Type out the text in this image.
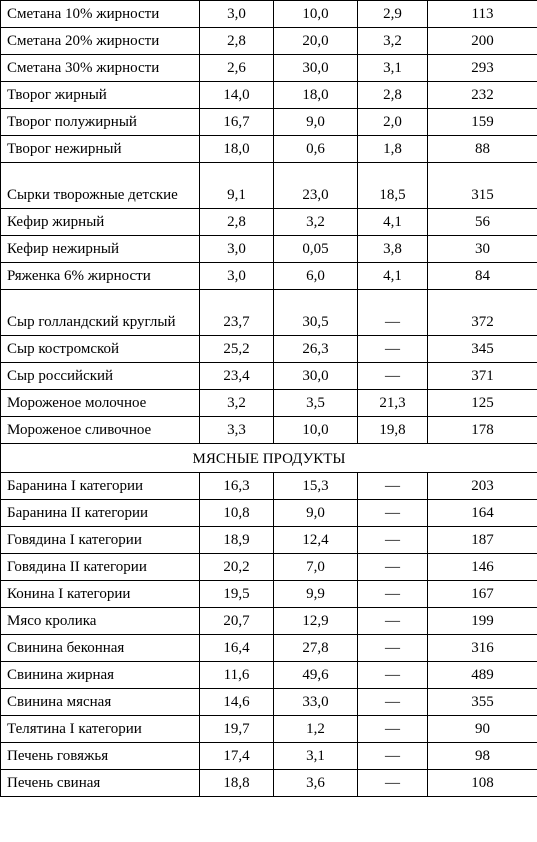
Сметана 10% жирности	3,0	10,0	2,9	113
Сметана 20% жирности	2,8	20,0	3,2	200
Сметана 30% жирности	2,6	30,0	3,1	293
Творог жирный	14,0	18,0	2,8	232
Творог полужирный	16,7	9,0	2,0	159
Творог нежирный	18,0	0,6	1,8	88
Сырки творожные детские	9,1	23,0	18,5	315
Кефир жирный	2,8	3,2	4,1	56
Кефир нежирный	3,0	0,05	3,8	30
Ряженка 6% жирности	3,0	6,0	4,1	84
Сыр голландский круглый	23,7	30,5	—	372
Сыр костромской	25,2	26,3	—	345
Сыр российский	23,4	30,0	—	371
Мороженое молочное	3,2	3,5	21,3	125
Мороженое сливочное	3,3	10,0	19,8	178
МЯСНЫЕ ПРОДУКТЫ				
Баранина I категории	16,3	15,3	—	203
Баранина II категории	10,8	9,0	—	164
Говядина I категории	18,9	12,4	—	187
Говядина II категории	20,2	7,0	—	146
Конина I категории	19,5	9,9	—	167
Мясо кролика	20,7	12,9	—	199
Свинина беконная	16,4	27,8	—	316
Свинина жирная	11,6	49,6	—	489
Свинина мясная	14,6	33,0	—	355
Телятина I категории	19,7	1,2	—	90
Печень говяжья	17,4	3,1	—	98
Печень свиная	18,8	3,6	—	108
